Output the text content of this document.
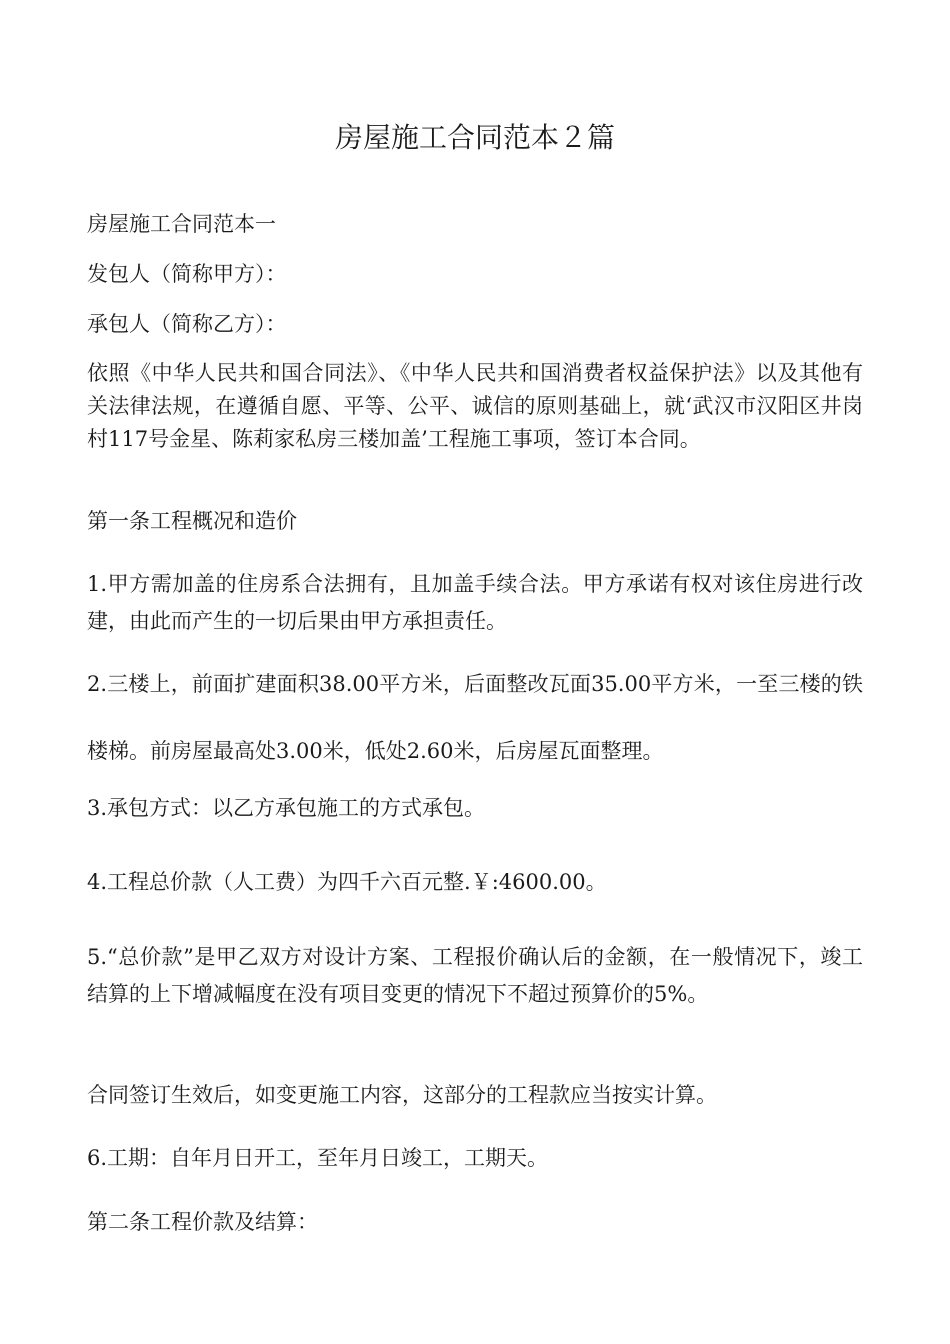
房屋施工合同范本２篇

房屋施工合同范本一

发包人（简称甲方）：

承包人（简称乙方）：

依照《中华人民共和国合同法》、《中华人民共和国消费者权益保护法》以及其他有关法律法规，在遵循自愿、平等、公平、诚信的原则基础上，就‘武汉市汉阳区井岗村117号金星、陈莉家私房三楼加盖’工程施工事项，签订本合同。

第一条工程概况和造价

1.甲方需加盖的住房系合法拥有，且加盖手续合法。甲方承诺有权对该住房进行改建，由此而产生的一切后果由甲方承担责任。

2.三楼上，前面扩建面积38.00平方米，后面整改瓦面35.00平方米，一至三楼的铁楼梯。前房屋最高处3.00米，低处2.60米，后房屋瓦面整理。

3.承包方式：以乙方承包施工的方式承包。

4.工程总价款（人工费）为四千六百元整.￥:4600.00。

5.“总价款”是甲乙双方对设计方案、工程报价确认后的金额，在一般情况下，竣工结算的上下增减幅度在没有项目变更的情况下不超过预算价的5%。

合同签订生效后，如变更施工内容，这部分的工程款应当按实计算。

6.工期：自年月日开工，至年月日竣工，工期天。

第二条工程价款及结算：
